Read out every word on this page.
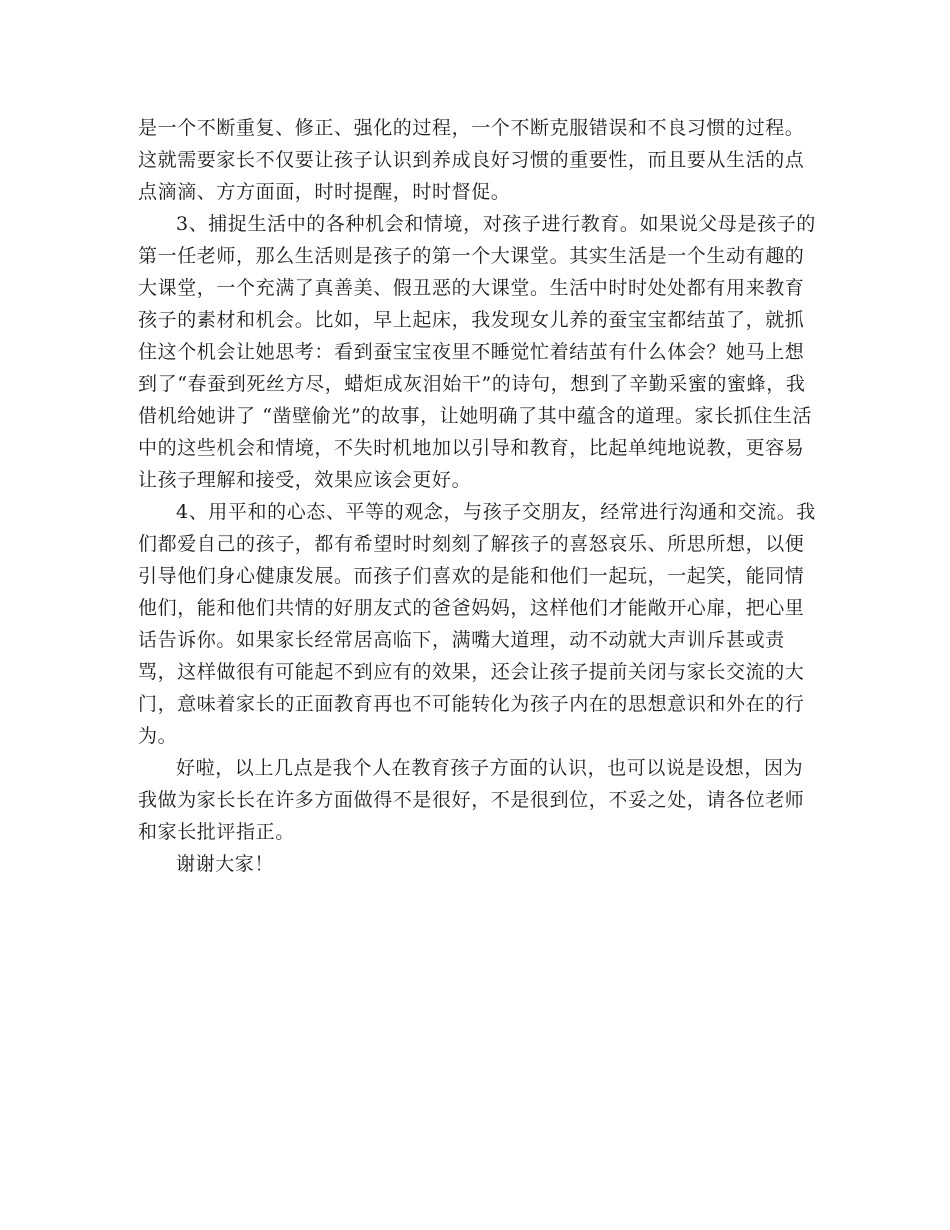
是一个不断重复、修正、强化的过程，一个不断克服错误和不良习惯的过程。这就需要家长不仅要让孩子认识到养成良好习惯的重要性，而且要从生活的点点滴滴、方方面面，时时提醒，时时督促。

3、捕捉生活中的各种机会和情境，对孩子进行教育。如果说父母是孩子的第一任老师，那么生活则是孩子的第一个大课堂。其实生活是一个生动有趣的大课堂，一个充满了真善美、假丑恶的大课堂。生活中时时处处都有用来教育孩子的素材和机会。比如，早上起床，我发现女儿养的蚕宝宝都结茧了，就抓住这个机会让她思考：看到蚕宝宝夜里不睡觉忙着结茧有什么体会？她马上想到了“春蚕到死丝方尽，蜡炬成灰泪始干”的诗句，想到了辛勤采蜜的蜜蜂，我借机给她讲了 “凿壁偷光”的故事，让她明确了其中蕴含的道理。家长抓住生活中的这些机会和情境，不失时机地加以引导和教育，比起单纯地说教，更容易让孩子理解和接受，效果应该会更好。

4、用平和的心态、平等的观念，与孩子交朋友，经常进行沟通和交流。我们都爱自己的孩子，都有希望时时刻刻了解孩子的喜怒哀乐、所思所想，以便引导他们身心健康发展。而孩子们喜欢的是能和他们一起玩，一起笑，能同情他们，能和他们共情的好朋友式的爸爸妈妈，这样他们才能敞开心扉，把心里话告诉你。如果家长经常居高临下，满嘴大道理，动不动就大声训斥甚或责骂，这样做很有可能起不到应有的效果，还会让孩子提前关闭与家长交流的大门，意味着家长的正面教育再也不可能转化为孩子内在的思想意识和外在的行为。

好啦，以上几点是我个人在教育孩子方面的认识，也可以说是设想，因为我做为家长长在许多方面做得不是很好，不是很到位，不妥之处，请各位老师和家长批评指正。

谢谢大家！
